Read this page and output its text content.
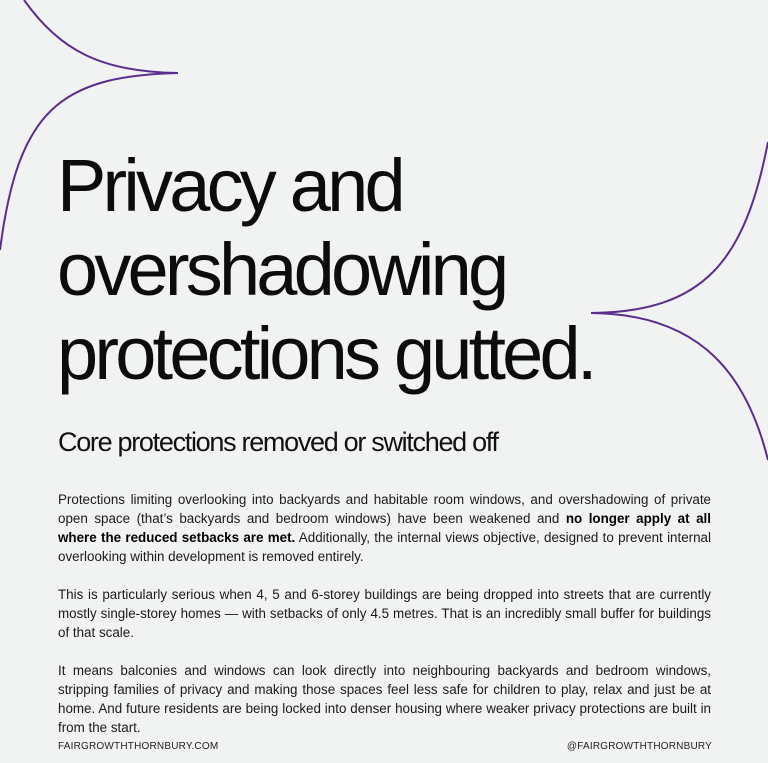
Privacy and
overshadowing
protections gutted.
Core protections removed or switched off

Protections limiting overlooking into backyards and habitable room windows, and overshadowing of private open space (that’s backyards and bedroom windows) have been weakened and no longer apply at all where the reduced setbacks are met. Additionally, the internal views objective, designed to prevent internal overlooking within development is removed entirely.

This is particularly serious when 4, 5 and 6-storey buildings are being dropped into streets that are currently mostly single-storey homes — with setbacks of only 4.5 metres. That is an incredibly small buffer for buildings of that scale.

It means balconies and windows can look directly into neighbouring backyards and bedroom windows, stripping families of privacy and making those spaces feel less safe for children to play, relax and just be at home. And future residents are being locked into denser housing where weaker privacy protections are built in from the start.

FAIRGROWTHTHORNBURY.COM	@FAIRGROWTHTHORNBURY
